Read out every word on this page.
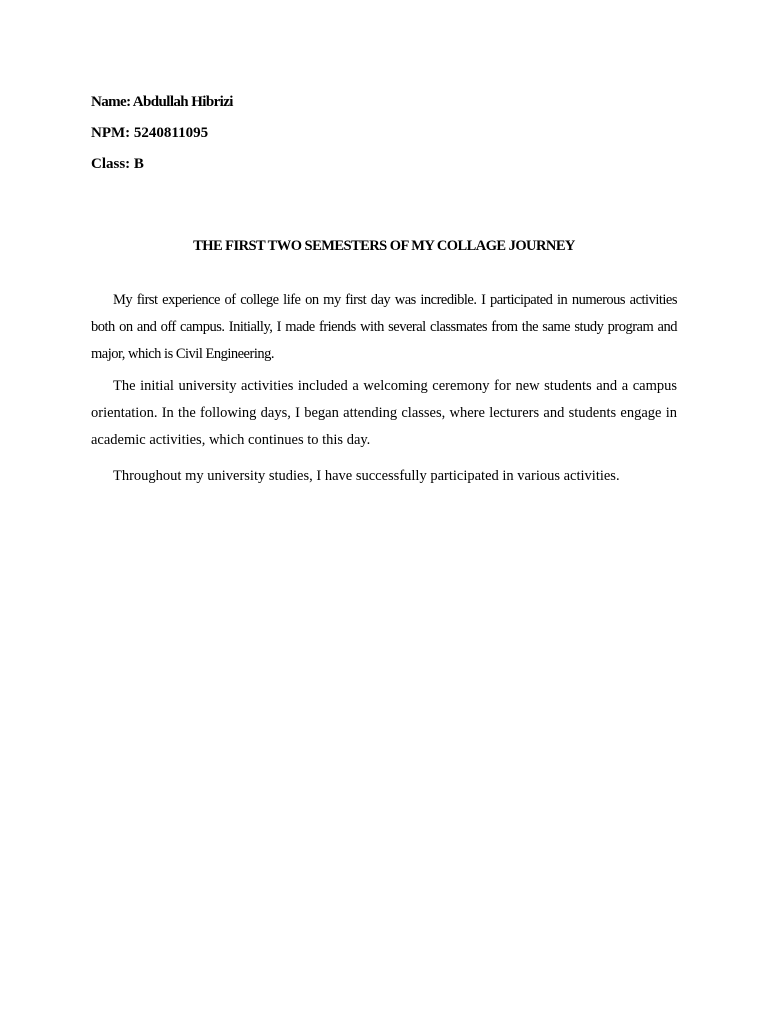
Name: Abdullah Hibrizi

NPM: 5240811095

Class: B

THE FIRST TWO SEMESTERS OF MY COLLAGE JOURNEY

My first experience of college life on my first day was incredible. I participated in numerous activities both on and off campus. Initially, I made friends with several classmates from the same study program and major, which is Civil Engineering.

The initial university activities included a welcoming ceremony for new students and a campus orientation. In the following days, I began attending classes, where lecturers and students engage in academic activities, which continues to this day.

Throughout my university studies, I have successfully participated in various activities.
